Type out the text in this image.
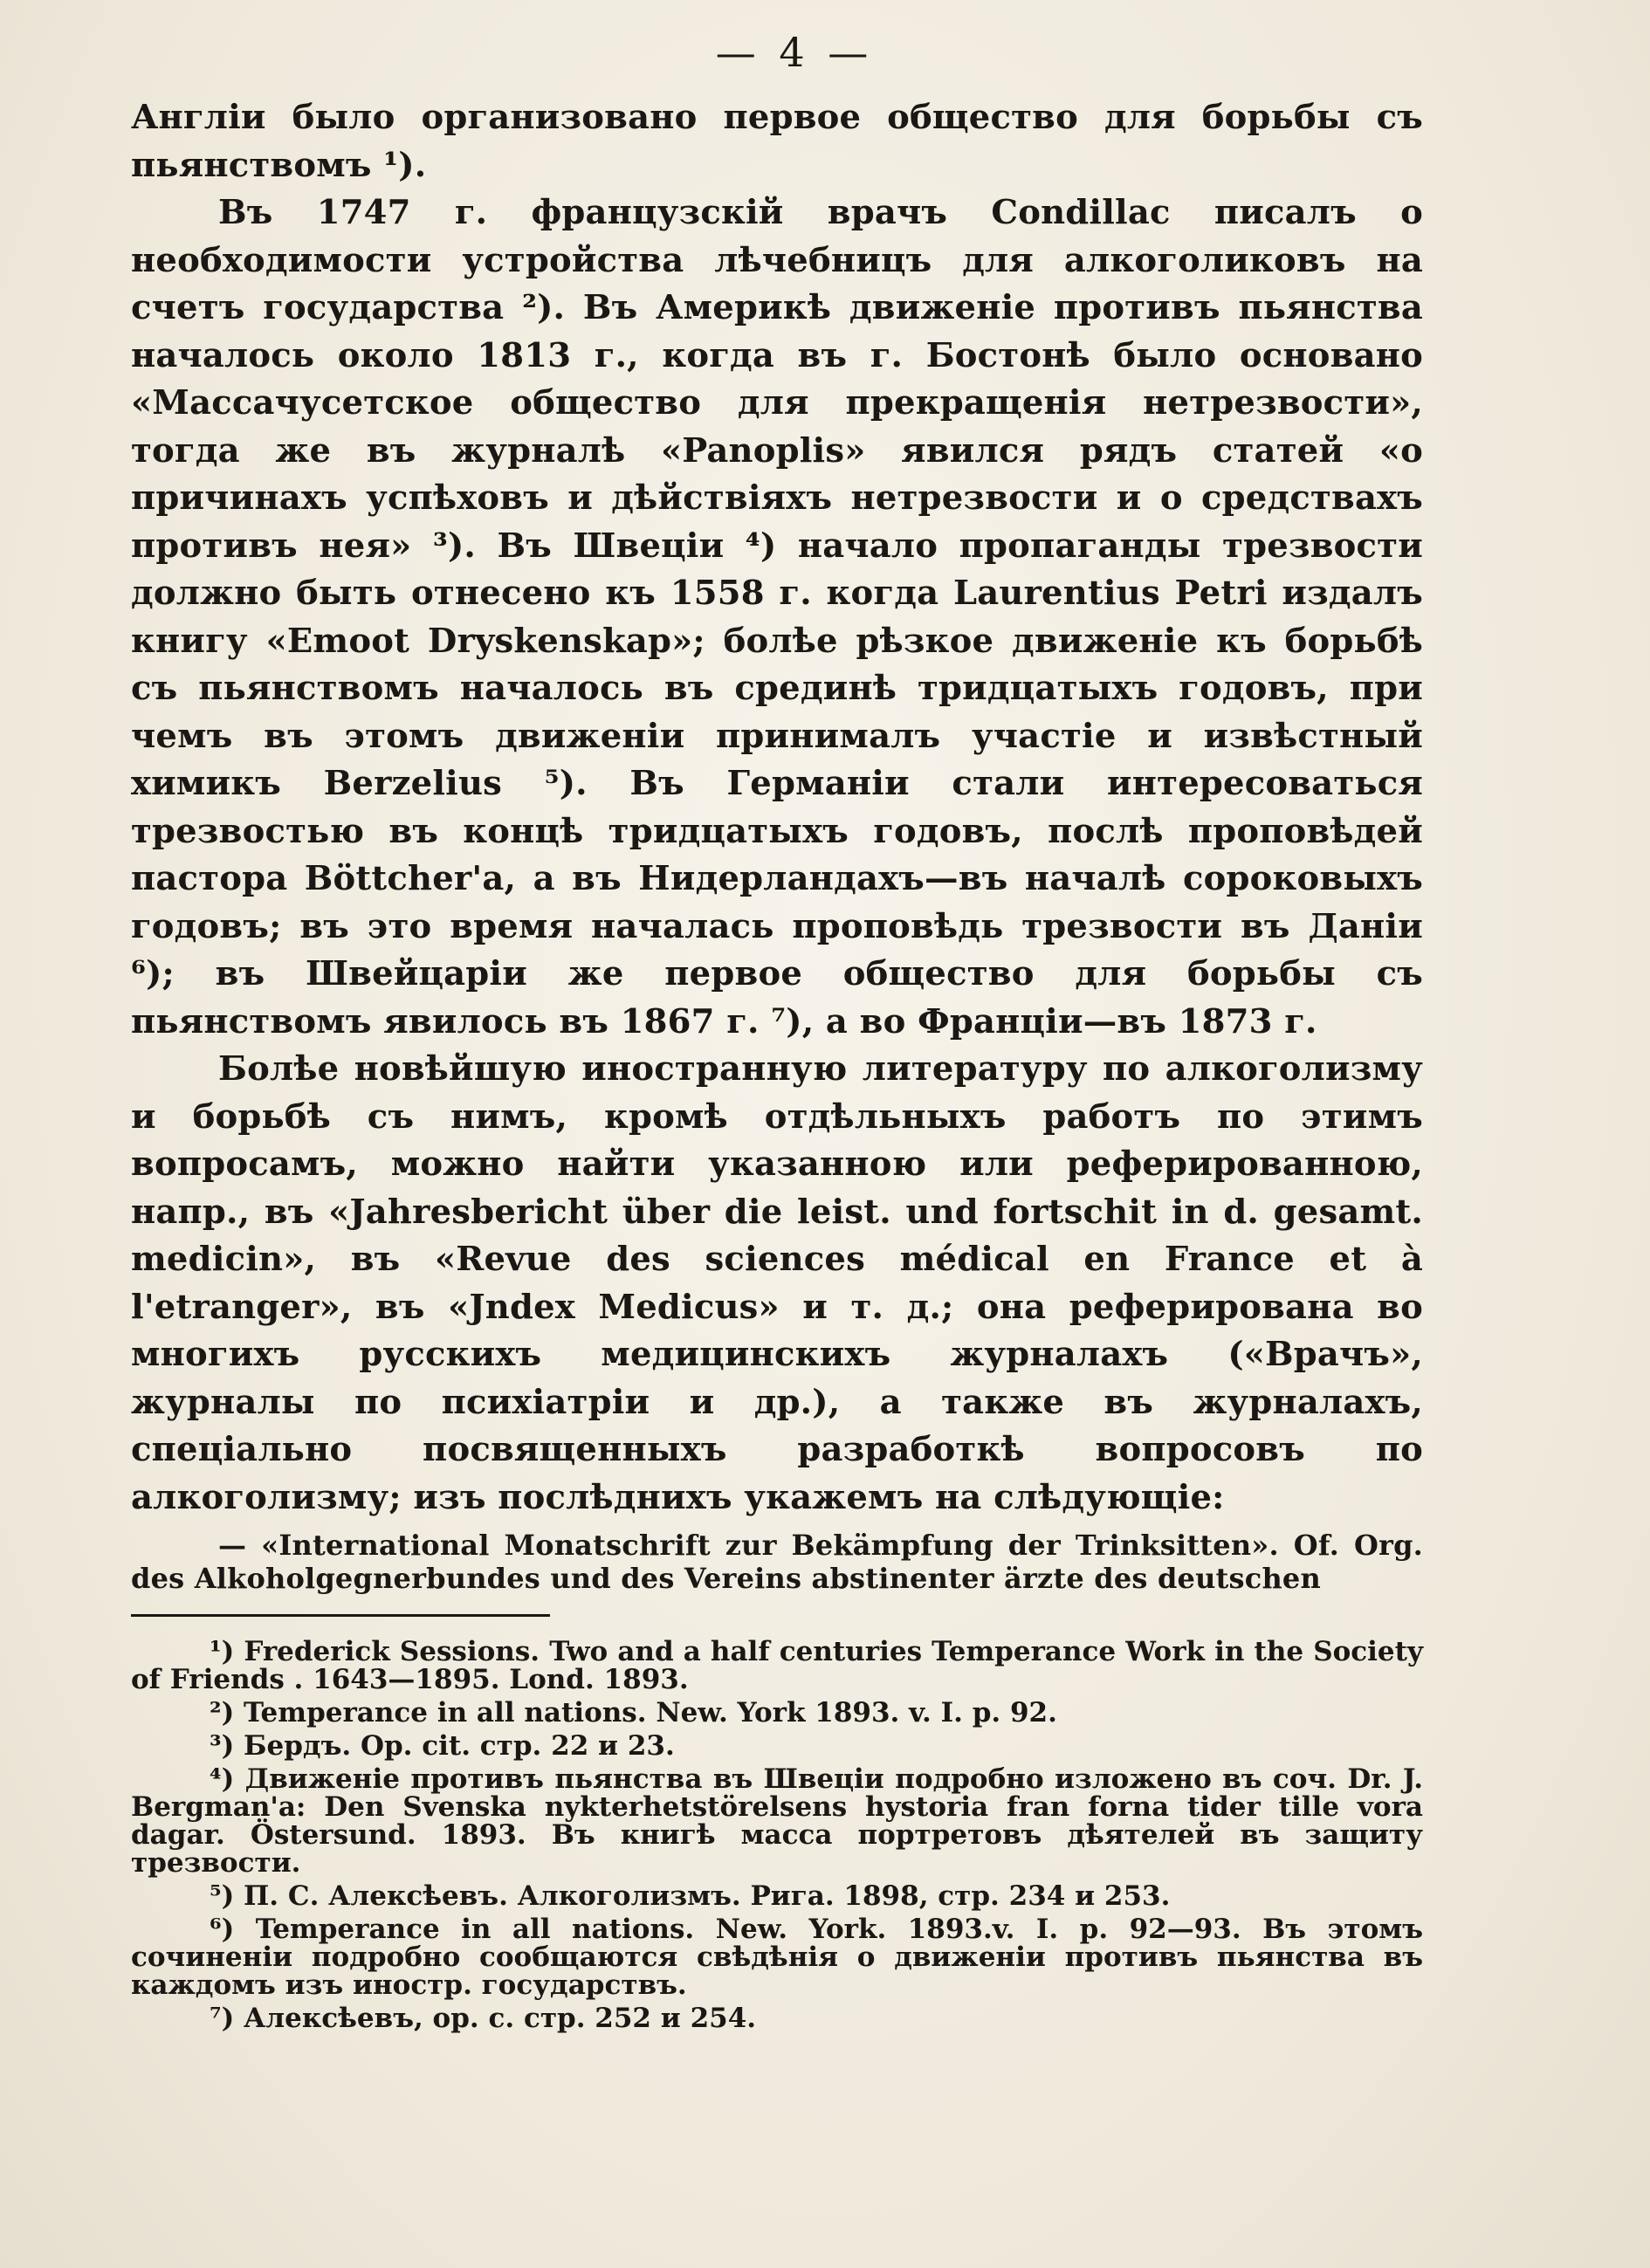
— 4 —

Англіи было организовано первое общество для борьбы съ пьянствомъ ¹).

Въ 1747 г. французскій врачъ Condillac писалъ о необходимости устройства лѣчебницъ для алкоголиковъ на счетъ государства ²). Въ Америкѣ движеніе противъ пьянства началось около 1813 г., когда въ г. Бостонѣ было основано «Массачусетское общество для прекращенія нетрезвости», тогда же въ журналѣ «Panoplis» явился рядъ статей «о причинахъ успѣховъ и дѣйствіяхъ нетрезвости и о средствахъ противъ нея» ³). Въ Швеціи ⁴) начало пропаганды трезвости должно быть отнесено къ 1558 г. когда Laurentius Petri издалъ книгу «Emoot Dryskenskap»; болѣе рѣзкое движеніе къ борьбѣ съ пьянствомъ началось въ срединѣ тридцатыхъ годовъ, при чемъ въ этомъ движеніи принималъ участіе и извѣстный химикъ Berzelius ⁵). Въ Германіи стали интересоваться трезвостью въ концѣ тридцатыхъ годовъ, послѣ проповѣдей пастора Böttcher'a, а въ Нидерландахъ—въ началѣ сороковыхъ годовъ; въ это время началась проповѣдь трезвости въ Даніи ⁶); въ Швейцаріи же первое общество для борьбы съ пьянствомъ явилось въ 1867 г. ⁷), а во Франціи—въ 1873 г.

Болѣе новѣйшую иностранную литературу по алкоголизму и борьбѣ съ нимъ, кромѣ отдѣльныхъ работъ по этимъ вопросамъ, можно найти указанною или реферированною, напр., въ «Jahresbericht über die leist. und fortschit in d. gesamt. medicin», въ «Revue des sciences médical en France et à l'etranger», въ «Jndex Medicus» и т. д.; она реферирована во многихъ русскихъ медицинскихъ журналахъ («Врачъ», журналы по психіатріи и др.), а также въ журналахъ, спеціально посвященныхъ разработкѣ вопросовъ по алкоголизму; изъ послѣднихъ укажемъ на слѣдующіе:

— «International Monatschrift zur Bekämpfung der Trinksitten». Of. Org. des Alkoholgegnerbundes und des Vereins abstinenter ärzte des deutschen

¹) Frederick Sessions. Two and a half centuries Temperance Work in the Society of Friends . 1643—1895. Lond. 1893.

²) Temperance in all nations. New. York 1893. v. I. p. 92.

³) Бердъ. Op. cit. стр. 22 и 23.

⁴) Движеніе противъ пьянства въ Швеціи подробно изложено въ соч. Dr. J. Bergman'a: Den Svenska nykterhetstörelsens hystoria fran forna tider tille vora dagar. Östersund. 1893. Въ книгѣ масса портретовъ дѣятелей въ защиту трезвости.

⁵) П. С. Алексѣевъ. Алкоголизмъ. Рига. 1898, стр. 234 и 253.

⁶) Temperance in all nations. New. York. 1893.v. I. p. 92—93. Въ этомъ сочиненіи подробно сообщаются свѣдѣнія о движеніи противъ пьянства въ каждомъ изъ иностр. государствъ.

⁷) Алексѣевъ, op. c. стр. 252 и 254.
